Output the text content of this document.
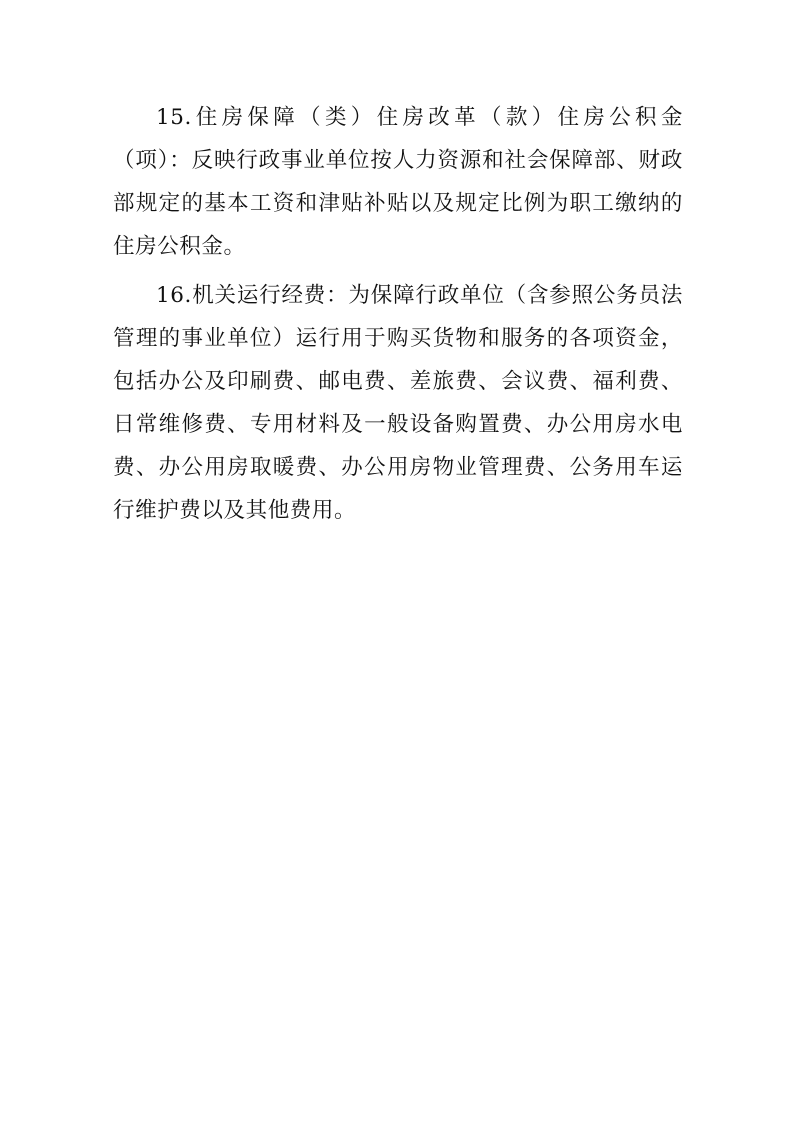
15.住房保障（类）住房改革（款）住房公积金（项）：反映行政事业单位按人力资源和社会保障部、财政部规定的基本工资和津贴补贴以及规定比例为职工缴纳的住房公积金。

16.机关运行经费：为保障行政单位（含参照公务员法管理的事业单位）运行用于购买货物和服务的各项资金，包括办公及印刷费、邮电费、差旅费、会议费、福利费、日常维修费、专用材料及一般设备购置费、办公用房水电费、办公用房取暖费、办公用房物业管理费、公务用车运行维护费以及其他费用。
